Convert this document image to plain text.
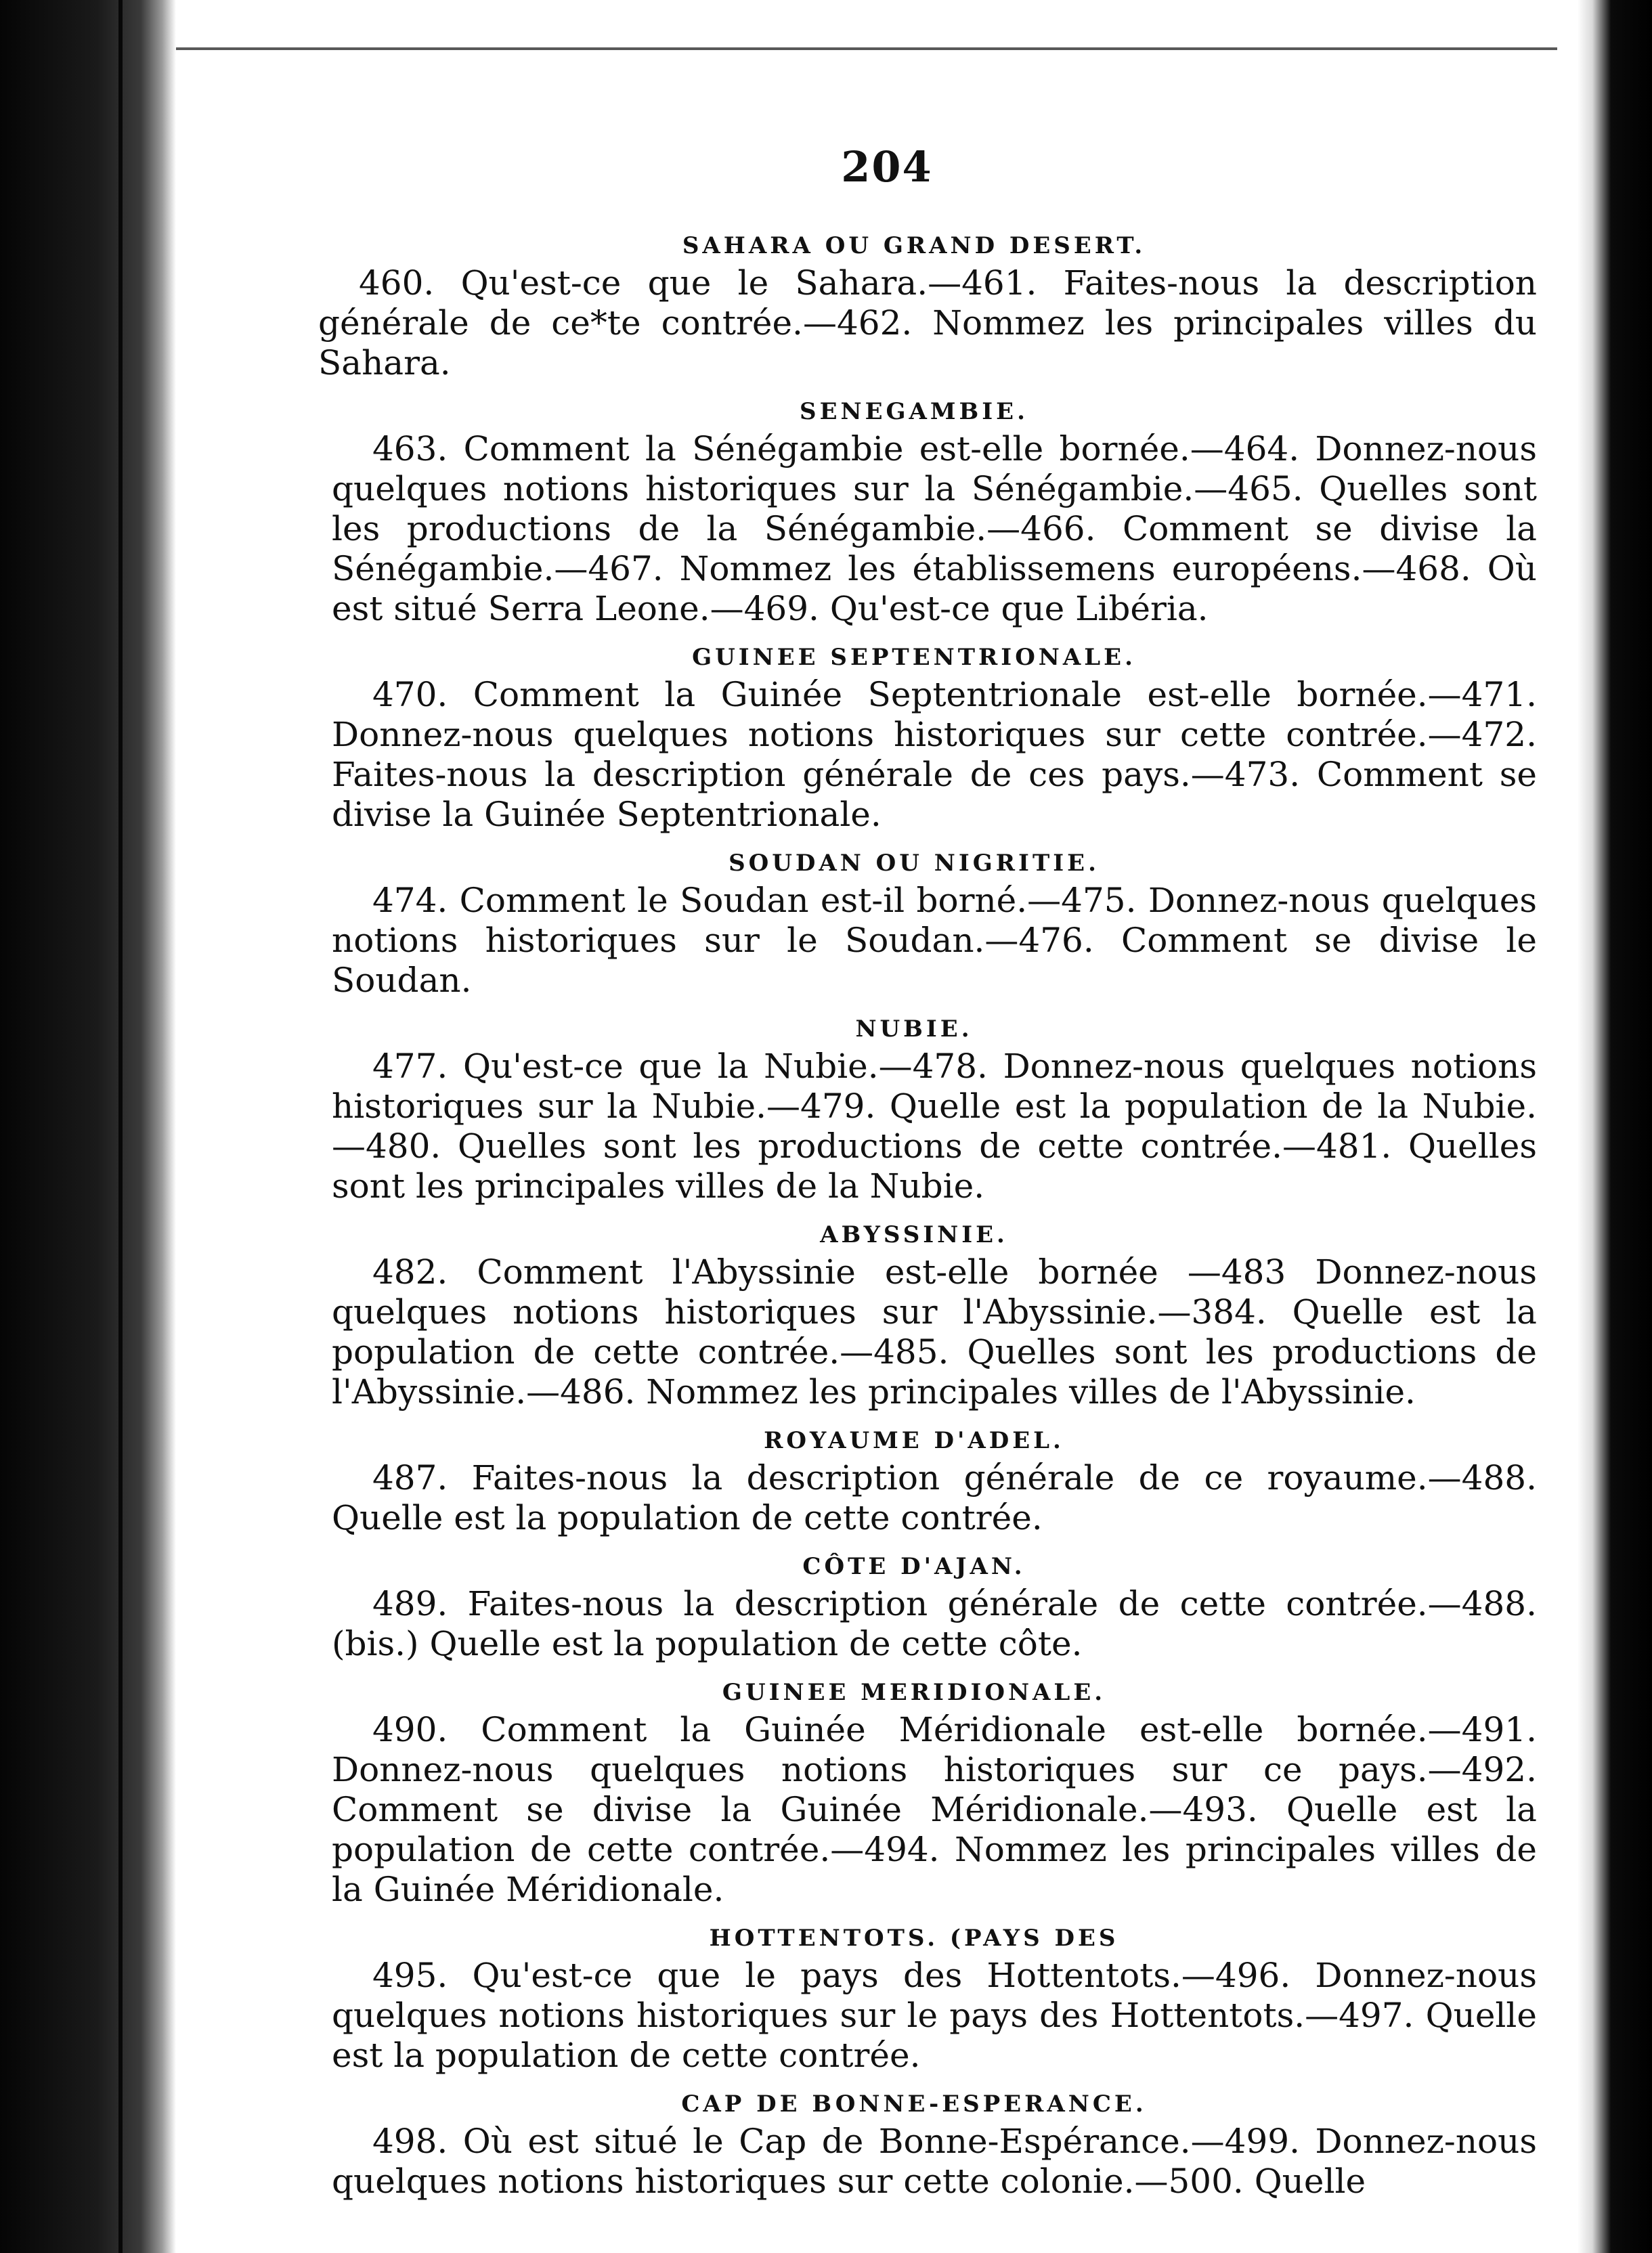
204
SAHARA OU GRAND DESERT.

460. Qu'est-ce que le Sahara.—461. Faites-nous la description générale de ce*te contrée.—462. Nommez les principales villes du Sahara.

SENEGAMBIE.

463. Comment la Sénégambie est-elle bornée.—464. Donnez-nous quelques notions historiques sur la Sénégambie.—465. Quelles sont les productions de la Sénégambie.—466. Comment se divise la Sénégambie.—467. Nommez les établissemens européens.—468. Où est situé Serra Leone.—469. Qu'est-ce que Libéria.

GUINEE SEPTENTRIONALE.

470. Comment la Guinée Septentrionale est-elle bornée.—471. Donnez-nous quelques notions historiques sur cette contrée.—472. Faites-nous la description générale de ces pays.—473. Comment se divise la Guinée Septentrionale.

SOUDAN OU NIGRITIE.

474. Comment le Soudan est-il borné.—475. Donnez-nous quelques notions historiques sur le Soudan.—476. Comment se divise le Soudan.

NUBIE.

477. Qu'est-ce que la Nubie.—478. Donnez-nous quelques notions historiques sur la Nubie.—479. Quelle est la population de la Nubie.—480. Quelles sont les productions de cette contrée.—481. Quelles sont les principales villes de la Nubie.

ABYSSINIE.

482. Comment l'Abyssinie est-elle bornée —483 Donnez-nous quelques notions historiques sur l'Abyssinie.—384. Quelle est la population de cette contrée.—485. Quelles sont les productions de l'Abyssinie.—486. Nommez les principales villes de l'Abyssinie.

ROYAUME D'ADEL.

487. Faites-nous la description générale de ce royaume.—488. Quelle est la population de cette contrée.

CÔTE D'AJAN.

489. Faites-nous la description générale de cette contrée.—488. (bis.) Quelle est la population de cette côte.

GUINEE MERIDIONALE.

490. Comment la Guinée Méridionale est-elle bornée.—491. Donnez-nous quelques notions historiques sur ce pays.—492. Comment se divise la Guinée Méridionale.—493. Quelle est la population de cette contrée.—494. Nommez les principales villes de la Guinée Méridionale.

HOTTENTOTS. (PAYS DES

495. Qu'est-ce que le pays des Hottentots.—496. Donnez-nous quelques notions historiques sur le pays des Hottentots.—497. Quelle est la population de cette contrée.

CAP DE BONNE-ESPERANCE.

498. Où est situé le Cap de Bonne-Espérance.—499. Donnez-nous quelques notions historiques sur cette colonie.—500. Quelle
